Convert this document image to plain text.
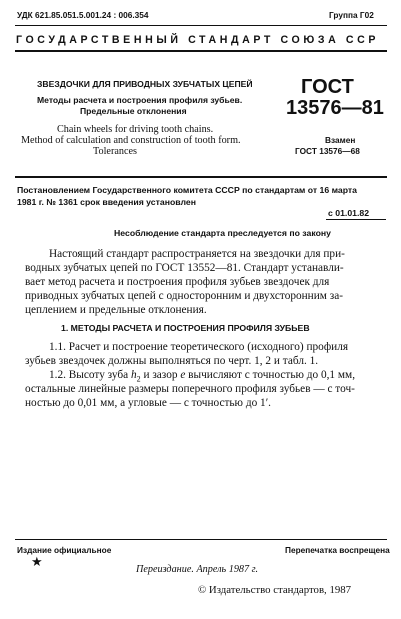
УДК 621.85.051.5.001.24 : 006.354	Группа Г02
ГОСУДАРСТВЕННЫЙ СТАНДАРТ СОЮЗА ССР
ЗВЕЗДОЧКИ ДЛЯ ПРИВОДНЫХ ЗУБЧАТЫХ ЦЕПЕЙ
Методы расчета и построения профиля зубьев.
Предельные отклонения
ГОСТ
13576—81
Chain wheels for driving tooth chains.
Method of calculation and construction of tooth form.
Tolerances
Взамен
ГОСТ 13576—68
Постановлением Государственного комитета СССР по стандартам от 16 марта
1981 г. № 1361 срок введения установлен
с 01.01.82
Несоблюдение стандарта преследуется по закону
Настоящий стандарт распространяется на звездочки для при-
водных зубчатых цепей по ГОСТ 13552—81. Стандарт устанавли-
вает метод расчета и построения профиля зубьев звездочек для
приводных зубчатых цепей с односторонним и двухсторонним за-
цеплением и предельные отклонения.
1. МЕТОДЫ РАСЧЕТА И ПОСТРОЕНИЯ ПРОФИЛЯ ЗУБЬЕВ
1.1. Расчет и построение теоретического (исходного) профиля
зубьев звездочек должны выполняться по черт. 1, 2 и табл. 1.
1.2. Высоту зуба $h_2$ и зазор e вычисляют с точностью до 0,1 мм,
остальные линейные размеры поперечного профиля зубьев — с точ-
ностью до 0,01 мм, а угловые — с точностью до 1′.
Издание официальное
★
Перепечатка воспрещена
Переиздание. Апрель 1987 г.
© Издательство стандартов, 1987
